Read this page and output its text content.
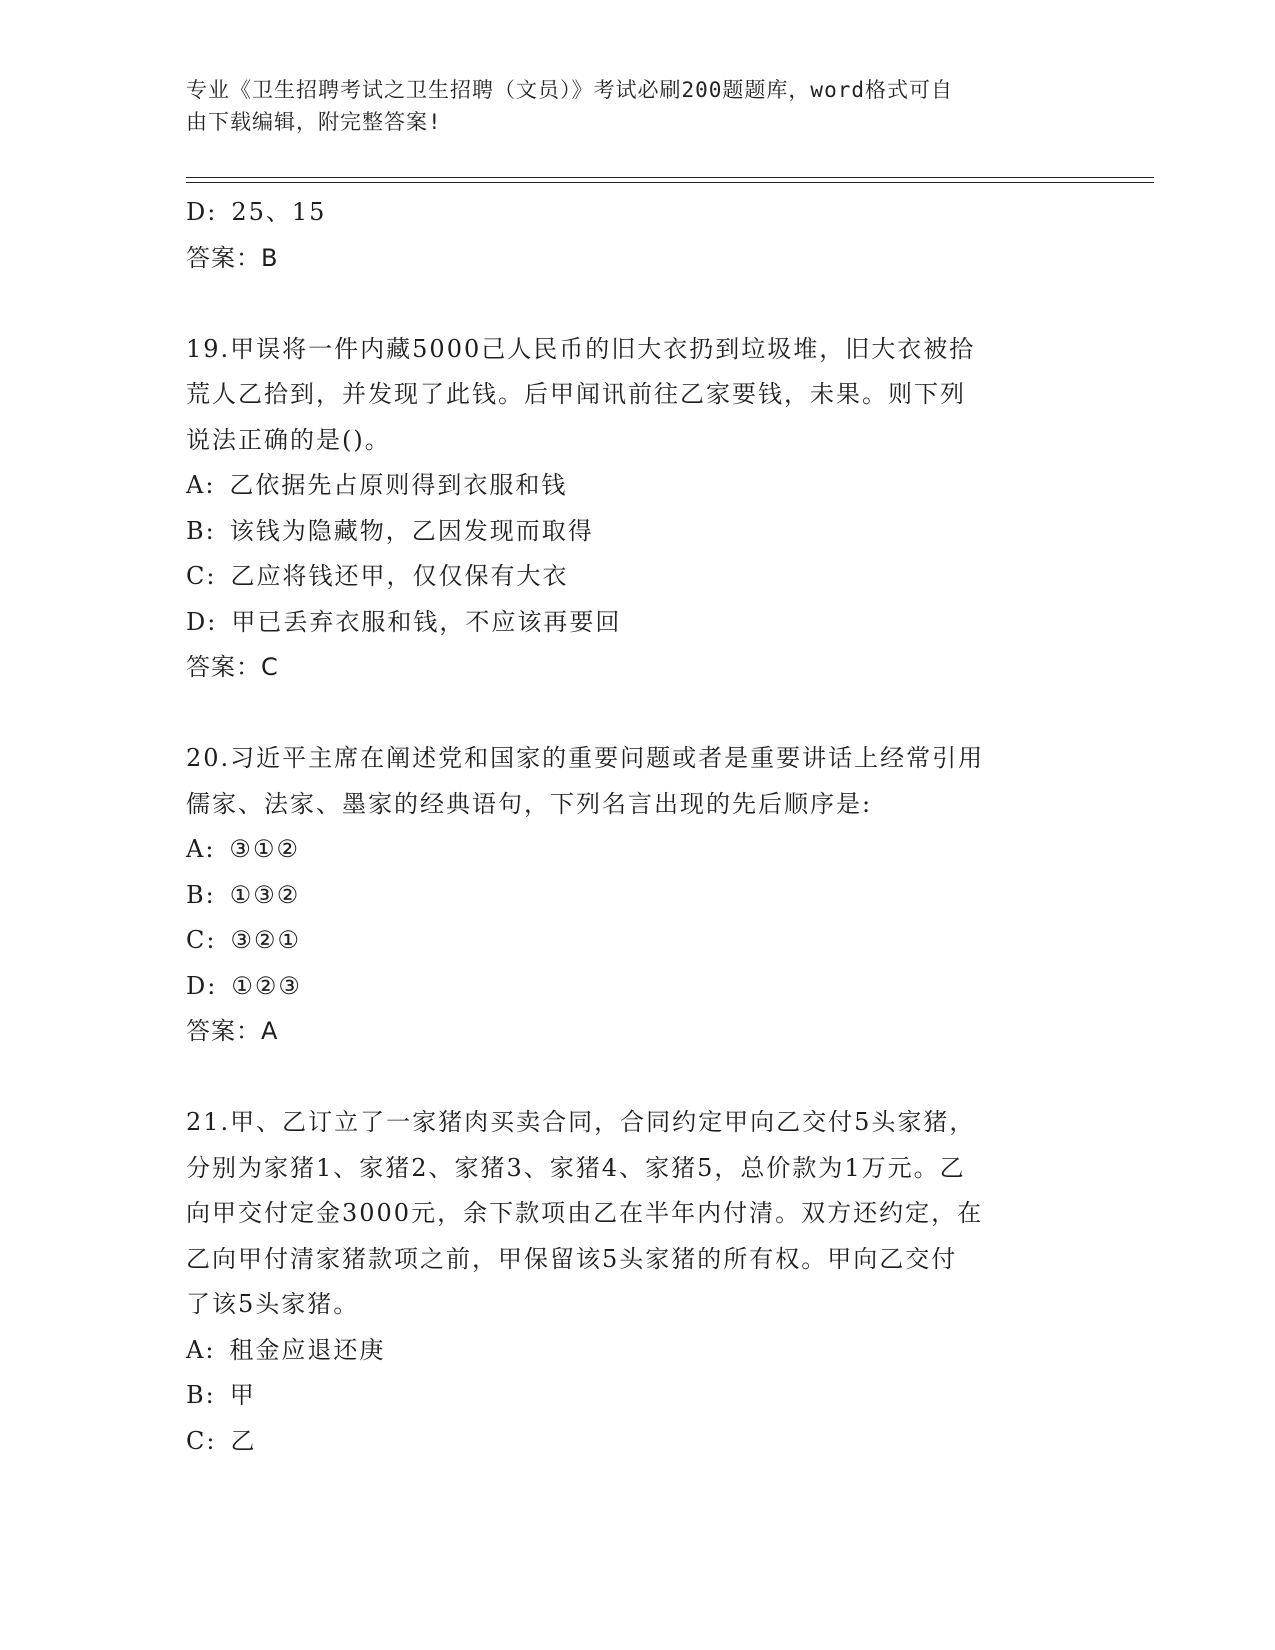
专业《卫生招聘考试之卫生招聘（文员）》考试必刷200题题库，word格式可自
由下载编辑，附完整答案!
D: 25、15
答案：B
19.甲误将一件内藏5000己人民币的旧大衣扔到垃圾堆，旧大衣被拾
荒人乙拾到，并发现了此钱。后甲闻讯前往乙家要钱，未果。则下列
说法正确的是()。
A: 乙依据先占原则得到衣服和钱
B: 该钱为隐藏物，乙因发现而取得
C: 乙应将钱还甲，仅仅保有大衣
D: 甲已丢弃衣服和钱，不应该再要回
答案：C
20.习近平主席在阐述党和国家的重要问题或者是重要讲话上经常引用
儒家、法家、墨家的经典语句，下列名言出现的先后顺序是:
A: ③①②
B: ①③②
C: ③②①
D: ①②③
答案：A
21.甲、乙订立了一家猪肉买卖合同，合同约定甲向乙交付5头家猪，
分别为家猪1、家猪2、家猪3、家猪4、家猪5，总价款为1万元。乙
向甲交付定金3000元，余下款项由乙在半年内付清。双方还约定，在
乙向甲付清家猪款项之前，甲保留该5头家猪的所有权。甲向乙交付
了该5头家猪。
A: 租金应退还庚
B: 甲
C: 乙
